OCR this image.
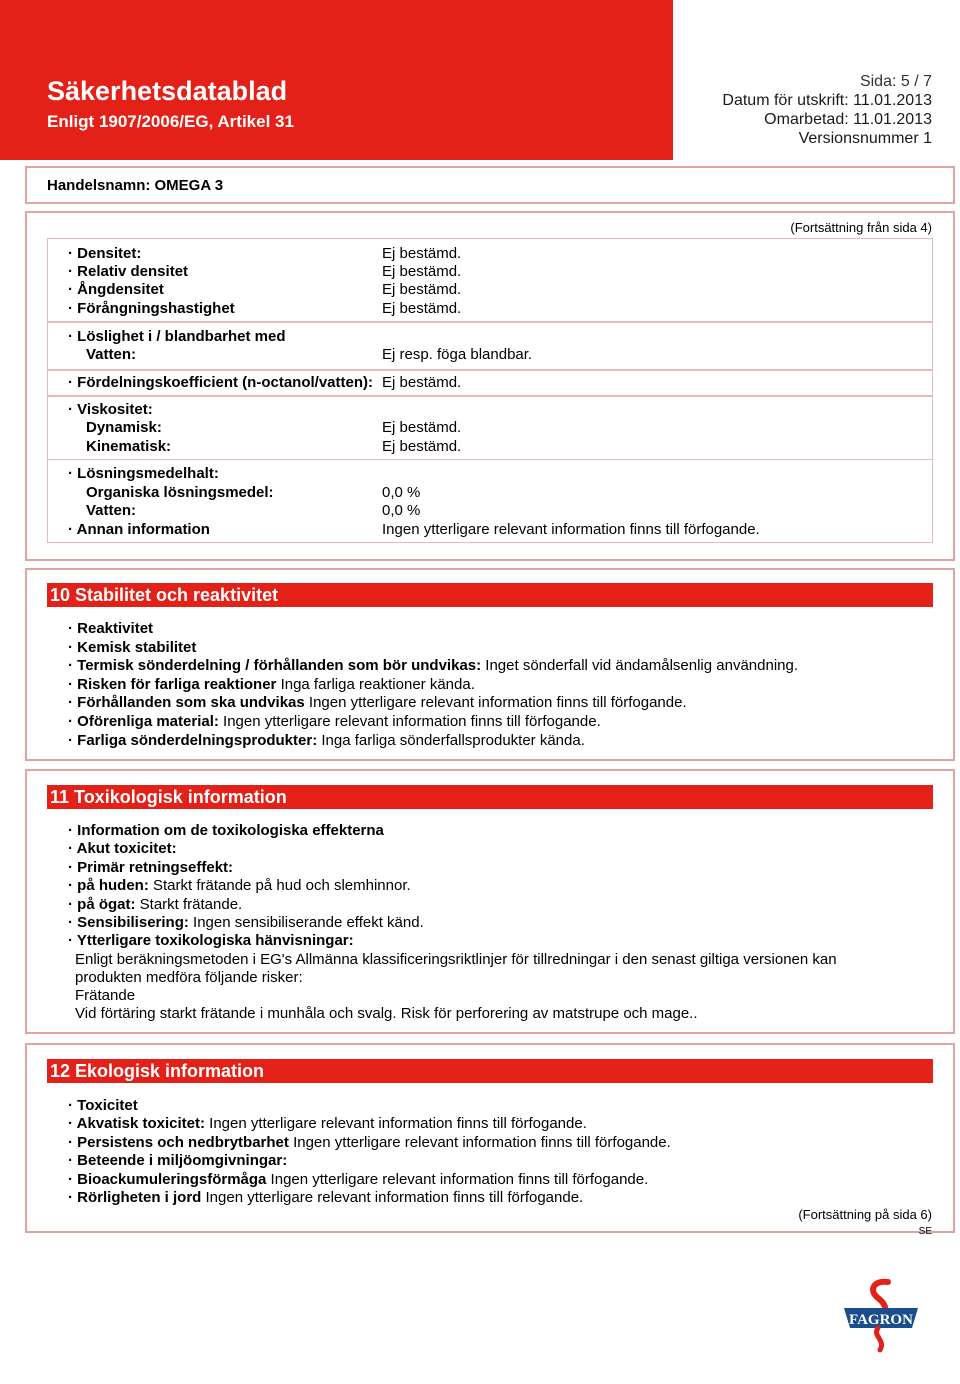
Säkerhetsdatablad
Enligt 1907/2006/EG, Artikel 31
Sida: 5 / 7
Datum för utskrift: 11.01.2013
Omarbetad: 11.01.2013
Versionsnummer 1
Handelsnamn: OMEGA 3
(Fortsättning från sida 4)
· Densitet:	Ej bestämd.
· Relativ densitet	Ej bestämd.
· Ångdensitet	Ej bestämd.
· Förångningshastighet	Ej bestämd.
· Löslighet i / blandbarhet med
Vatten:	Ej resp. föga blandbar.
· Fördelningskoefficient (n-octanol/vatten): Ej bestämd.
· Viskositet:
Dynamisk:	Ej bestämd.
Kinematisk:	Ej bestämd.
· Lösningsmedelhalt:
Organiska lösningsmedel:	0,0 %
Vatten:	0,0 %
· Annan information	Ingen ytterligare relevant information finns till förfogande.
10 Stabilitet och reaktivitet
· Reaktivitet
· Kemisk stabilitet
· Termisk sönderdelning / förhållanden som bör undvikas: Inget sönderfall vid ändamålsenlig användning.
· Risken för farliga reaktioner Inga farliga reaktioner kända.
· Förhållanden som ska undvikas Ingen ytterligare relevant information finns till förfogande.
· Oförenliga material: Ingen ytterligare relevant information finns till förfogande.
· Farliga sönderdelningsprodukter: Inga farliga sönderfallsprodukter kända.
11 Toxikologisk information
· Information om de toxikologiska effekterna
· Akut toxicitet:
· Primär retningseffekt:
· på huden: Starkt frätande på hud och slemhinnor.
· på ögat: Starkt frätande.
· Sensibilisering: Ingen sensibiliserande effekt känd.
· Ytterligare toxikologiska hänvisningar:
Enligt beräkningsmetoden i EG's Allmänna klassificeringsriktlinjer för tillredningar i den senast giltiga versionen kan
produkten medföra följande risker:
Frätande
Vid förtäring starkt frätande i munhåla och svalg. Risk för perforering av matstrupe och mage..
12 Ekologisk information
· Toxicitet
· Akvatisk toxicitet: Ingen ytterligare relevant information finns till förfogande.
· Persistens och nedbrytbarhet Ingen ytterligare relevant information finns till förfogande.
· Beteende i miljöomgivningar:
· Bioackumuleringsförmåga Ingen ytterligare relevant information finns till förfogande.
· Rörligheten i jord Ingen ytterligare relevant information finns till förfogande.
(Fortsättning på sida 6)
SE
FAGRON
